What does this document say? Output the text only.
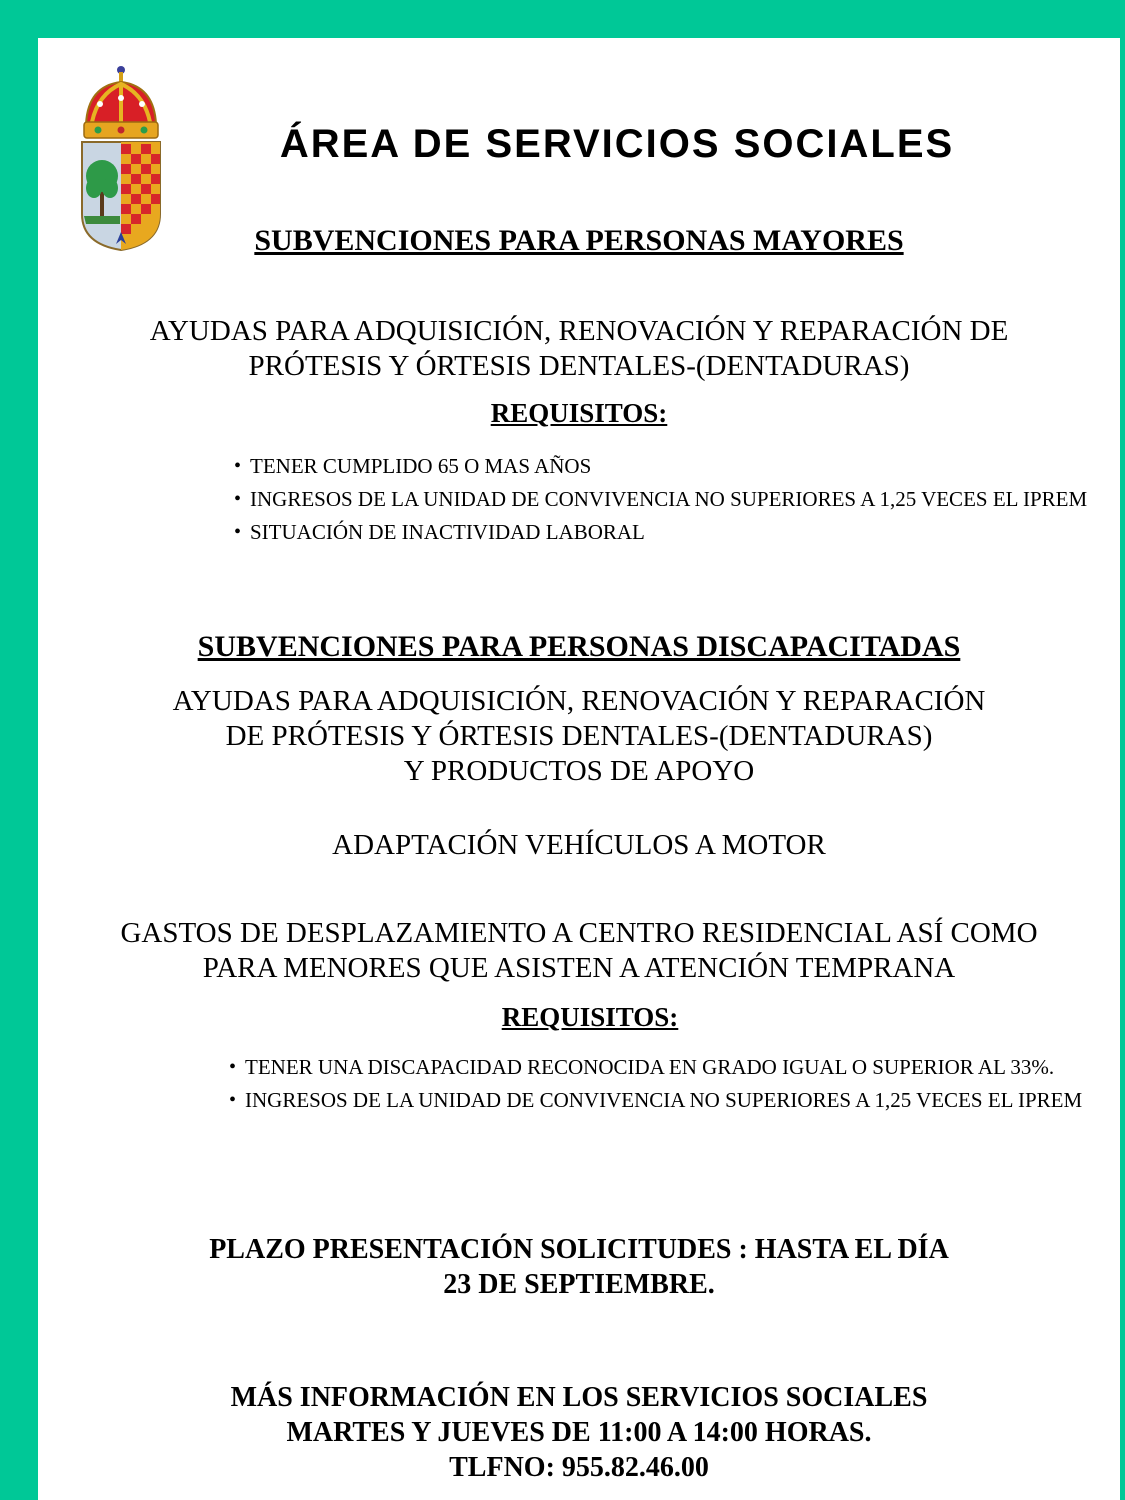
ÁREA DE SERVICIOS SOCIALES
SUBVENCIONES PARA PERSONAS MAYORES
AYUDAS PARA ADQUISICIÓN, RENOVACIÓN Y REPARACIÓN DE
PRÓTESIS Y ÓRTESIS DENTALES-(DENTADURAS)
REQUISITOS:
• TENER CUMPLIDO 65 O MAS AÑOS
• INGRESOS DE LA UNIDAD DE CONVIVENCIA NO SUPERIORES A 1,25 VECES EL IPREM
• SITUACIÓN DE INACTIVIDAD LABORAL
SUBVENCIONES PARA PERSONAS DISCAPACITADAS
AYUDAS PARA ADQUISICIÓN, RENOVACIÓN Y REPARACIÓN
DE PRÓTESIS Y ÓRTESIS DENTALES-(DENTADURAS)
Y PRODUCTOS DE APOYO
ADAPTACIÓN VEHÍCULOS A MOTOR
GASTOS DE DESPLAZAMIENTO A CENTRO RESIDENCIAL ASÍ COMO
PARA MENORES QUE ASISTEN A ATENCIÓN TEMPRANA
REQUISITOS:
• TENER UNA DISCAPACIDAD RECONOCIDA EN GRADO IGUAL O SUPERIOR AL 33%.
• INGRESOS DE LA UNIDAD DE CONVIVENCIA NO SUPERIORES A 1,25 VECES EL IPREM
PLAZO PRESENTACIÓN SOLICITUDES : HASTA EL DÍA
23 DE SEPTIEMBRE.
MÁS INFORMACIÓN EN LOS SERVICIOS SOCIALES
MARTES Y JUEVES DE 11:00 A 14:00 HORAS.
TLFNO: 955.82.46.00
